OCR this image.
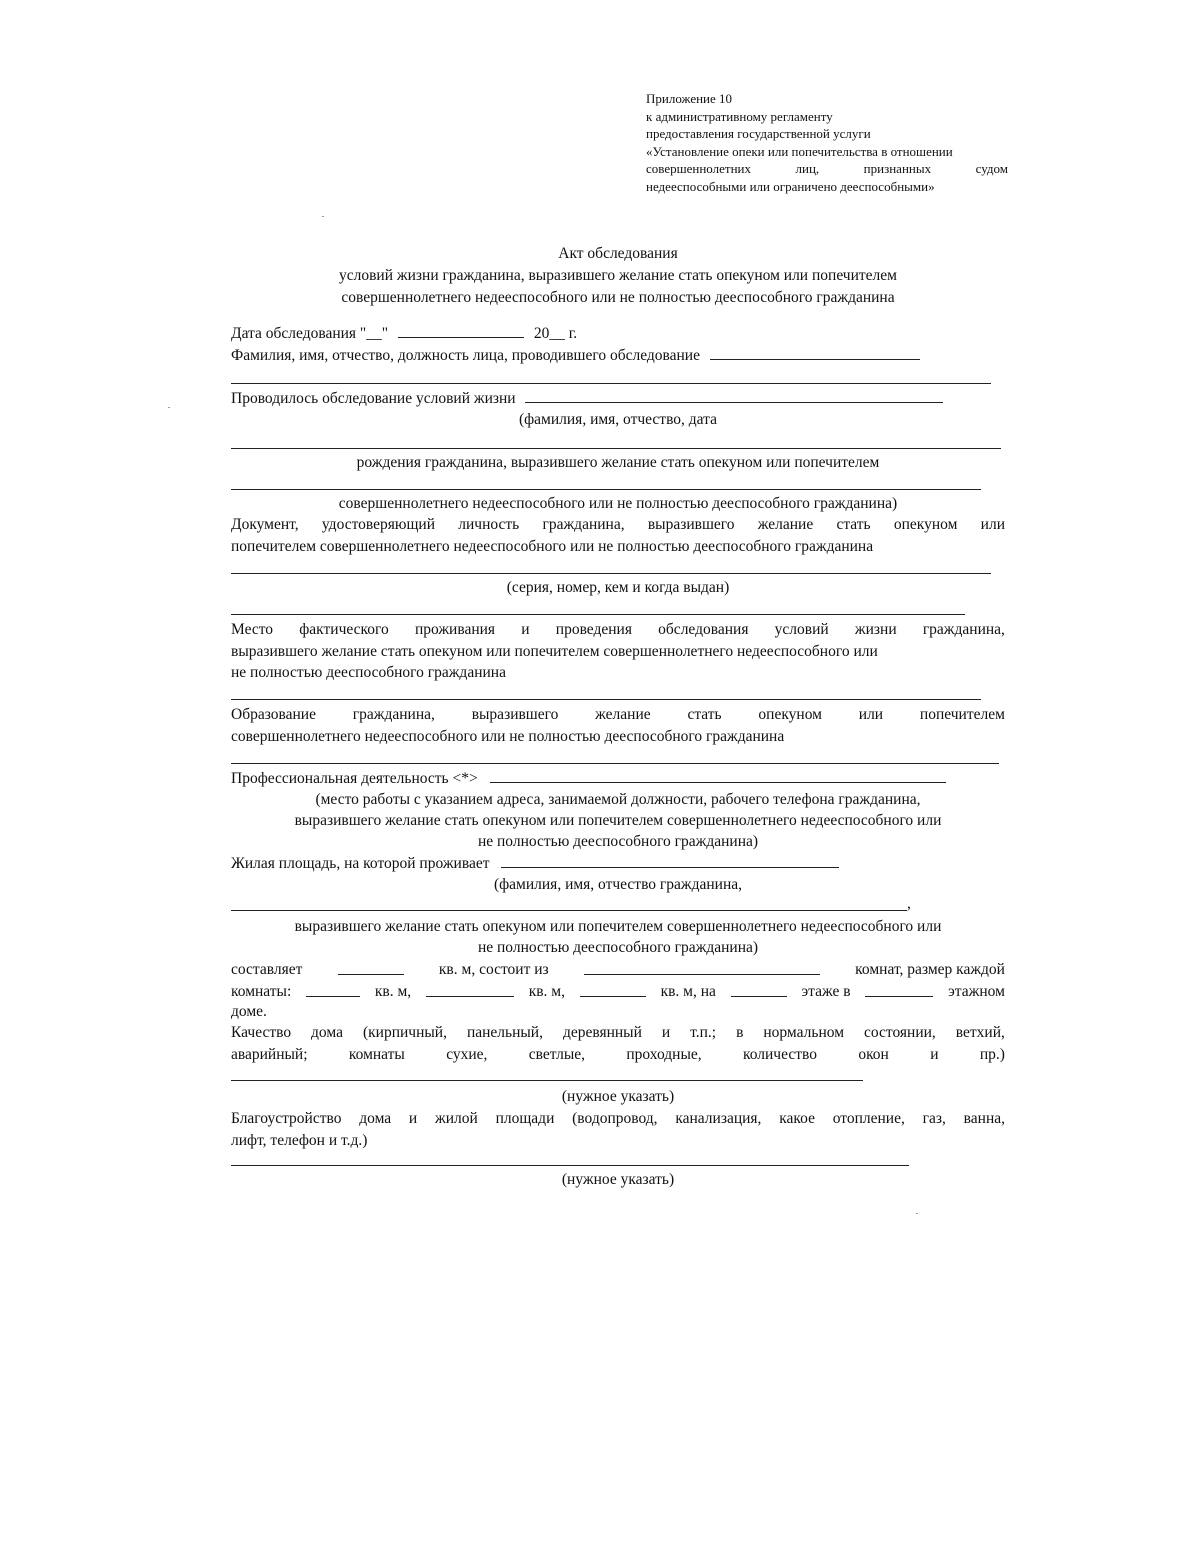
Приложение 10
к административному регламенту
предоставления государственной услуги
«Установление опеки или попечительства в отношении
совершеннолетних	лиц,	признанных	судом
недееспособными или ограничено дееспособными»
Акт обследования
условий жизни гражданина, выразившего желание стать опекуном или попечителем
совершеннолетнего недееспособного или не полностью дееспособного гражданина
Дата обследования "__"	20__ г.
Фамилия, имя, отчество, должность лица, проводившего обследование
Проводилось обследование условий жизни
(фамилия, имя, отчество, дата
рождения гражданина, выразившего желание стать опекуном или попечителем
совершеннолетнего недееспособного или не полностью дееспособного гражданина)
Документ, удостоверяющий личность гражданина, выразившего желание стать опекуном или
попечителем совершеннолетнего недееспособного или не полностью дееспособного гражданина
(серия, номер, кем и когда выдан)
Место фактического проживания и проведения обследования условий жизни гражданина,
выразившего желание стать опекуном или попечителем совершеннолетнего недееспособного или
не полностью дееспособного гражданина
Образование гражданина, выразившего желание стать опекуном или попечителем
совершеннолетнего недееспособного или не полностью дееспособного гражданина
Профессиональная деятельность <*>
(место работы с указанием адреса, занимаемой должности, рабочего телефона гражданина,
выразившего желание стать опекуном или попечителем совершеннолетнего недееспособного или
не полностью дееспособного гражданина)
Жилая площадь, на которой проживает
(фамилия, имя, отчество гражданина,
,
выразившего желание стать опекуном или попечителем совершеннолетнего недееспособного или
не полностью дееспособного гражданина)
составляет	кв. м, состоит из	комнат, размер каждой
комнаты:	кв. м,	кв. м,	кв. м, на	этаже в	этажном
доме.
Качество дома (кирпичный, панельный, деревянный и т.п.; в нормальном состоянии, ветхий,
аварийный;	комнаты	сухие,	светлые,	проходные,	количество	окон	и	пр.)
(нужное указать)
Благоустройство дома и жилой площади (водопровод, канализация, какое отопление, газ, ванна,
лифт, телефон и т.д.)
(нужное указать)
